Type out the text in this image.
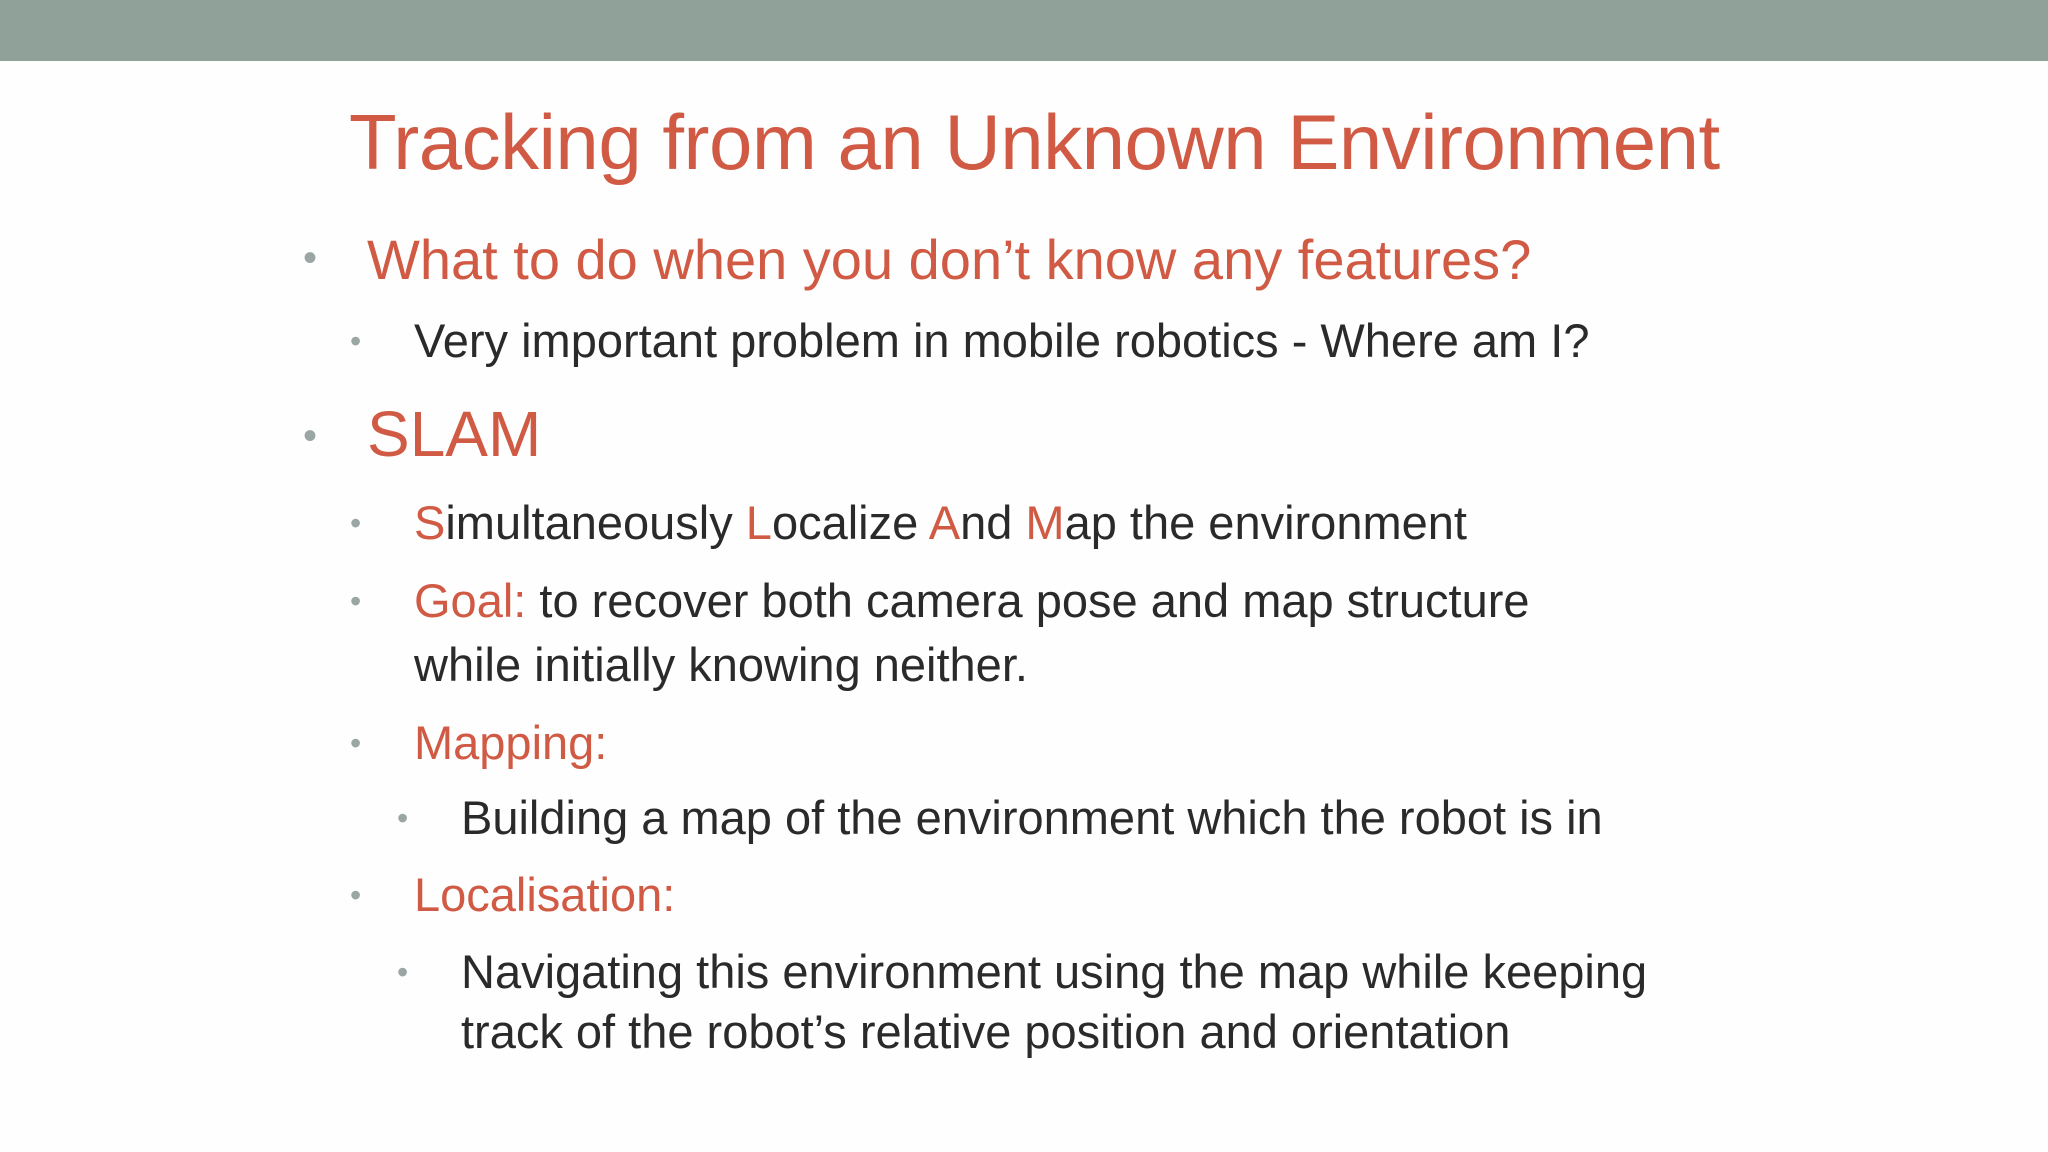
Tracking from an Unknown Environment
• What to do when you don’t know any features?
• Very important problem in mobile robotics - Where am I?
• SLAM
• Simultaneously Localize And Map the environment
• Goal: to recover both camera pose and map structure
while initially knowing neither.
• Mapping:
• Building a map of the environment which the robot is in
• Localisation:
• Navigating this environment using the map while keeping
track of the robot’s relative position and orientation
